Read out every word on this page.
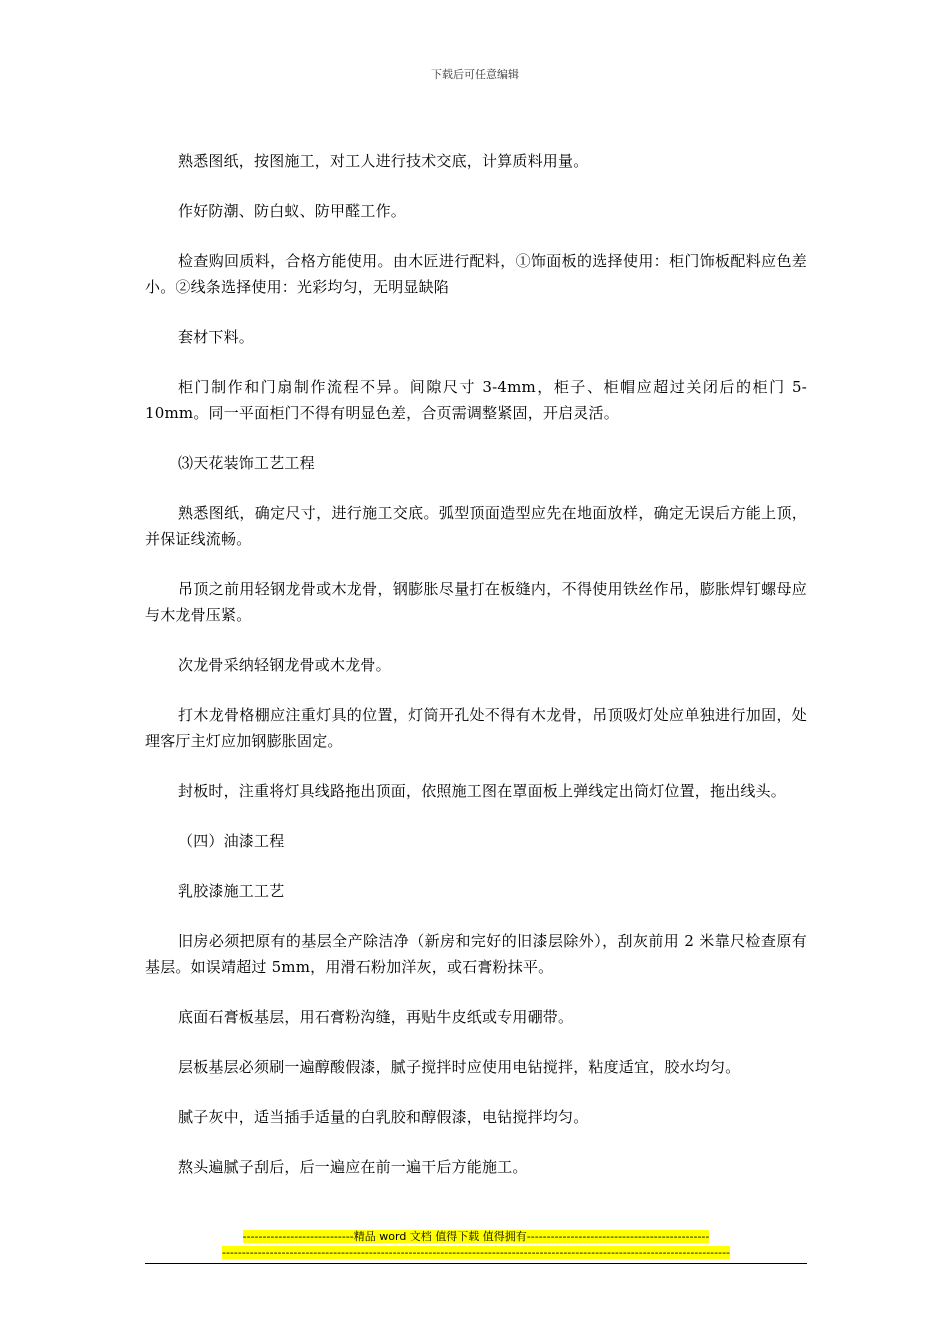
下载后可任意编辑

熟悉图纸，按图施工，对工人进行技术交底，计算质料用量。

作好防潮、防白蚁、防甲醛工作。

检查购回质料，合格方能使用。由木匠进行配料，①饰面板的选择使用：柜门饰板配料应色差小。②线条选择使用：光彩均匀，无明显缺陷

套材下料。

柜门制作和门扇制作流程不异。间隙尺寸 3-4mm，柜子、柜帽应超过关闭后的柜门 5-10mm。同一平面柜门不得有明显色差，合页需调整紧固，开启灵活。

⑶天花装饰工艺工程

熟悉图纸，确定尺寸，进行施工交底。弧型顶面造型应先在地面放样，确定无误后方能上顶，并保证线流畅。

吊顶之前用轻钢龙骨或木龙骨，钢膨胀尽量打在板缝内，不得使用铁丝作吊，膨胀焊钉螺母应与木龙骨压紧。

次龙骨采纳轻钢龙骨或木龙骨。

打木龙骨格棚应注重灯具的位置，灯筒开孔处不得有木龙骨，吊顶吸灯处应单独进行加固，处理客厅主灯应加钢膨胀固定。

封板时，注重将灯具线路拖出顶面，依照施工图在罩面板上弹线定出筒灯位置，拖出线头。

（四）油漆工程

乳胶漆施工工艺

旧房必须把原有的基层全产除洁净（新房和完好的旧漆层除外），刮灰前用 2 米靠尺检查原有基层。如误靖超过 5mm，用滑石粉加洋灰，或石膏粉抹平。

底面石膏板基层，用石膏粉沟缝，再贴牛皮纸或专用硼带。

层板基层必须刷一遍醇酸假漆，腻子搅拌时应使用电钻搅拌，粘度适宜，胶水均匀。

腻子灰中，适当插手适量的白乳胶和醇假漆，电钻搅拌均匀。

熬头遍腻子刮后，后一遍应在前一遍干后方能施工。

----------------------------精品 word 文档 值得下载 值得拥有----------------------------------------------
--------------------------------------------------------------------------------------------------------------------------------
